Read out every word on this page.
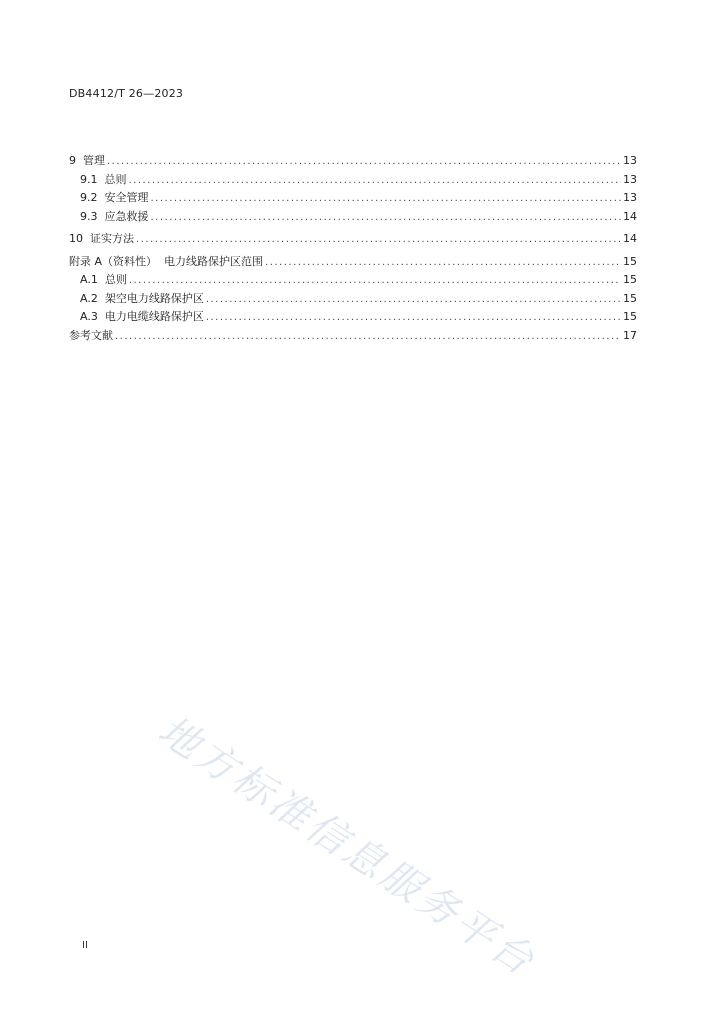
DB4412/T 26—2023
9 管理 .....	13
9.1 总则 .....	13
9.2 安全管理 .....	13
9.3 应急救援 .....	14
10 证实方法 .....	14
附录 A（资料性） 电力线路保护区范围 .....	15
A.1 总则 .....	15
A.2 架空电力线路保护区 .....	15
A.3 电力电缆线路保护区 .....	15
参考文献 .....	17
地方标准信息服务平台
II
